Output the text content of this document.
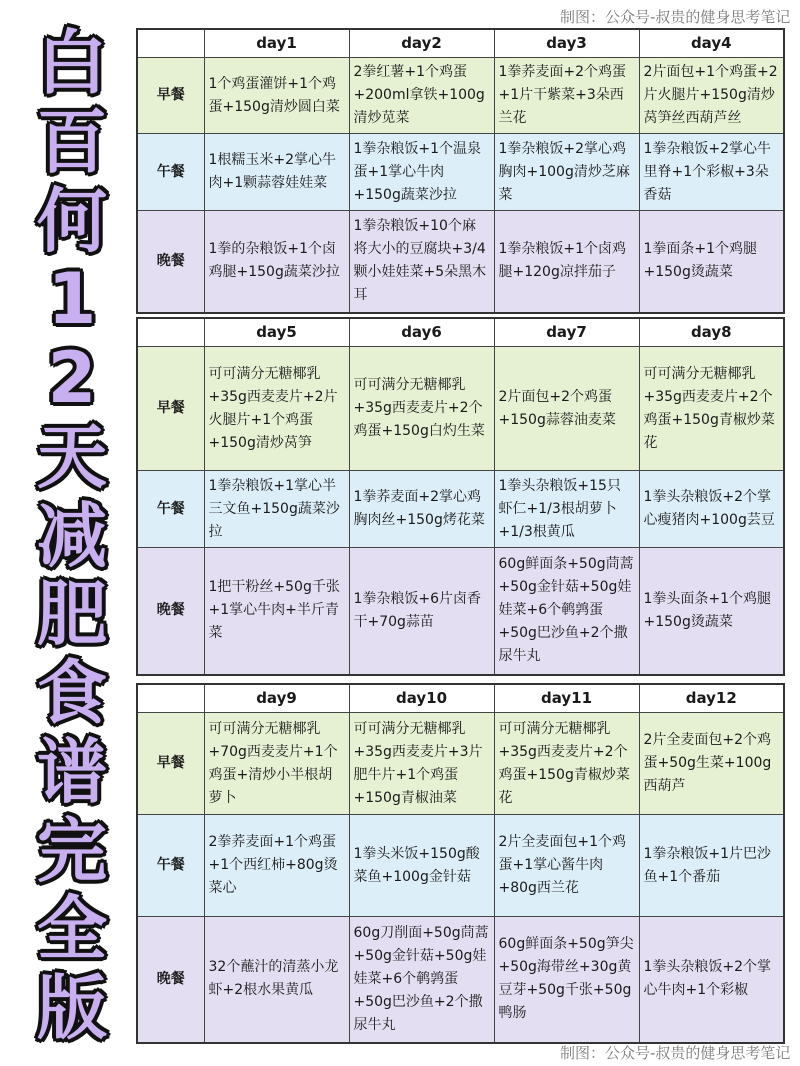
制图：公众号-叔贵的健身思考笔记
白
百
何
1
2
天
减
肥
食
谱
完
全
版
	day1	day2	day3	day4
早餐	1个鸡蛋灌饼+1个鸡蛋+150g清炒圆白菜	2拳红薯+1个鸡蛋+200ml拿铁+100g清炒苋菜	1拳荞麦面+2个鸡蛋+1片干紫菜+3朵西兰花	2片面包+1个鸡蛋+2片火腿片+150g清炒莴笋丝西葫芦丝
午餐	1根糯玉米+2掌心牛肉+1颗蒜蓉娃娃菜	1拳杂粮饭+1个温泉蛋+1掌心牛肉+150g蔬菜沙拉	1拳杂粮饭+2掌心鸡胸肉+100g清炒芝麻菜	1拳杂粮饭+2掌心牛里脊+1个彩椒+3朵香菇
晚餐	1拳的杂粮饭+1个卤鸡腿+150g蔬菜沙拉	1拳杂粮饭+10个麻将大小的豆腐块+3/4颗小娃娃菜+5朵黑木耳	1拳杂粮饭+1个卤鸡腿+120g凉拌茄子	1拳面条+1个鸡腿+150g烫蔬菜
	day5	day6	day7	day8
早餐	可可满分无糖椰乳+35g西麦麦片+2片火腿片+1个鸡蛋+150g清炒莴笋	可可满分无糖椰乳+35g西麦麦片+2个鸡蛋+150g白灼生菜	2片面包+2个鸡蛋+150g蒜蓉油麦菜	可可满分无糖椰乳+35g西麦麦片+2个鸡蛋+150g青椒炒菜花
午餐	1拳杂粮饭+1掌心半三文鱼+150g蔬菜沙拉	1拳荞麦面+2掌心鸡胸肉丝+150g烤花菜	1拳头杂粮饭+15只虾仁+1/3根胡萝卜+1/3根黄瓜	1拳头杂粮饭+2个掌心瘦猪肉+100g芸豆
晚餐	1把干粉丝+50g千张+1掌心牛肉+半斤青菜	1拳杂粮饭+6片卤香干+70g蒜苗	60g鲜面条+50g茼蒿+50g金针菇+50g娃娃菜+6个鹌鹑蛋+50g巴沙鱼+2个撒尿牛丸	1拳头面条+1个鸡腿+150g烫蔬菜
	day9	day10	day11	day12
早餐	可可满分无糖椰乳+70g西麦麦片+1个鸡蛋+清炒小半根胡萝卜	可可满分无糖椰乳+35g西麦麦片+3片肥牛片+1个鸡蛋+150g青椒油菜	可可满分无糖椰乳+35g西麦麦片+2个鸡蛋+150g青椒炒菜花	2片全麦面包+2个鸡蛋+50g生菜+100g西葫芦
午餐	2拳荞麦面+1个鸡蛋+1个西红柿+80g烫菜心	1拳头米饭+150g酸菜鱼+100g金针菇	2片全麦面包+1个鸡蛋+1掌心酱牛肉+80g西兰花	1拳杂粮饭+1片巴沙鱼+1个番茄
晚餐	32个蘸汁的清蒸小龙虾+2根水果黄瓜	60g刀削面+50g茼蒿+50g金针菇+50g娃娃菜+6个鹌鹑蛋+50g巴沙鱼+2个撒尿牛丸	60g鲜面条+50g笋尖+50g海带丝+30g黄豆芽+50g千张+50g鸭肠	1拳头杂粮饭+2个掌心牛肉+1个彩椒
制图：公众号-叔贵的健身思考笔记
